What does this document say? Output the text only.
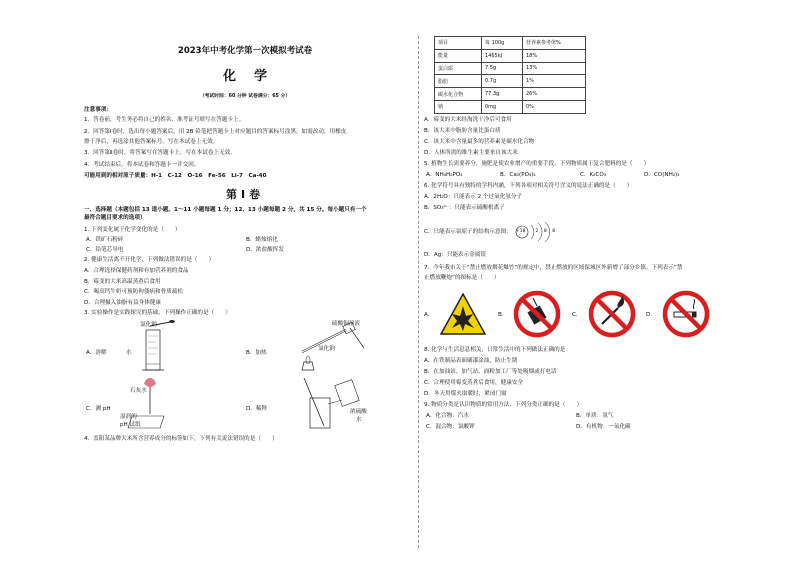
2023年中考化学第一次模拟考试卷
化学
（考试时间：60 分钟 试卷满分：65 分）
注意事项：
1．答卷前，考生务必将自己的姓名、准考证号填写在答题卡上。
2．回答第Ⅰ卷时，选出每小题答案后，用 2B 铅笔把答题卡上对应题目的答案标号涂黑。如需改动，用橡皮
擦干净后，再选涂其他答案标号。写在本试卷上无效。
3．回答第Ⅱ卷时，将答案写在答题卡上。写在本试卷上无效。
4．考试结束后，将本试卷和答题卡一并交回。
可能用到的相对原子质量：H-1　C-12　O-16　Fe-56　Li-7　Ca-40
第Ⅰ卷
一、选择题（本题包括 13 道小题。1～11 小题每题 1 分；12、13 小题每题 2 分，共 15 分。每小题只有一个
最符合题目要求的选项）
1. 下列变化属于化学变化的是（　　）
A．铁矿石粉碎	B．蜡烛熔化
C．铅笔芯导电	D．浓盐酸挥发
2. 健康生活离不开化学，下列做法错误的是（　　）
A．合理选择保健药剂和有加营养剂的食品
B．霉变的大米高温蒸煮后食用
C．喝高钙牛奶可预防佝偻病和骨质疏松
D．合理摄入油脂有益身体健康
3. 实验操作是实践探究的基础，下列操作正确的是（　　）
A．溶解
氯化钠
水	B．加热
氯化钠
硫酸铜溶液
C．测 pH
石灰水
湿润的
pH 试纸
D．稀释	浓硫酸
水
4．盖阳某品牌大米所含营养成分的标签如下，下列有关说法错误的是（　　）
项目	每 100g	营养素参考值%
能量	1465kJ	18%
蛋白质	7.5g	13%
脂肪	0.7g	1%
碳水化合物	77.3g	26%
钠	0mg	0%
A．霉变的大米经淘洗干净后可食用
B．该大米中脂肪含量比蛋白质
C．该大米中含量最多的营养素是碳水化合物
D．人体所需的维生素主要来自该大米
5. 植物生长需要养分，施肥是使农业增产的重要手段，下列物质属于复合肥料的是（　　）
A．NH₄H₂PO₄	B．Ca₃(PO₄)₂	C．K₂CO₃	D．CO(NH₂)₂
6. 化学符号具有独特的学科内涵，下列各项对相关符号含义的说法正确的是（　　）
A．2H₂O：只能表示 2 个过氧化氢分子
B．SO₃²⁻：只能表示硫酸根离子
C．只能表示氩原子的结构示意图： +18 2 8 8
D．Ag：只能表示金属银
7．今年我市关于“禁止燃放烟花爆竹”的规定中，禁止燃放的区域保城区外新增了部分乡镇。下列表示“禁
止燃放鞭炮”的图标是（　　）
A．	B．	C．	D．
8. 化学与生活息息相关，日常生活中的下列做法正确的是
A．在铁制品表面刷漆涂油，防止生锈
B．在加油站、加气站、面粉加工厂等处吸烟或打电话
C．合理使用霉变蒸煮后食用，健康安全
D．冬天用煤火取暖时，紧闭门窗
9. 物质分类是认识物质的常用方法，下列分类正确的是（　　）
A．化合物：汽水	B．单质：氢气
C．混合物：氯酸钾	D．有机物：一氧化碳
